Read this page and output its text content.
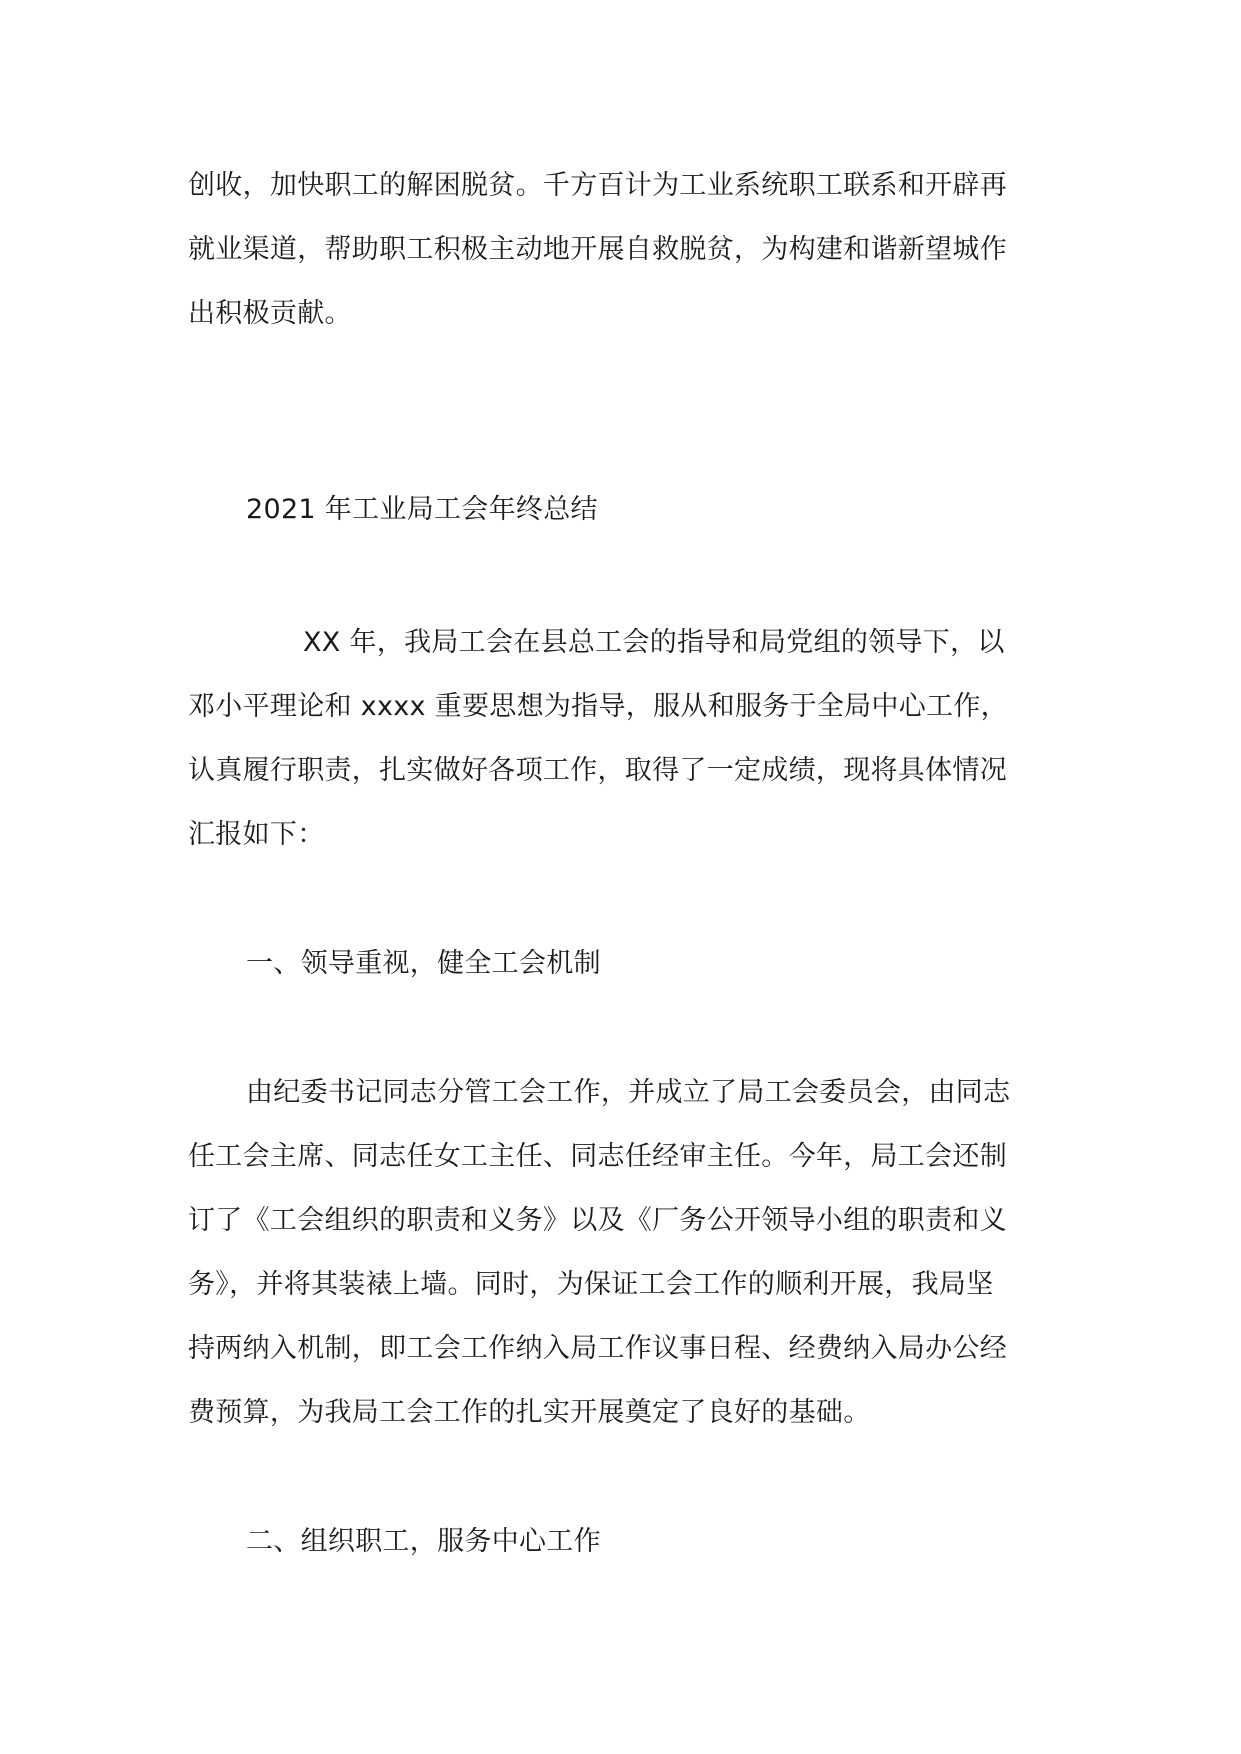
创收，加快职工的解困脱贫。千方百计为工业系统职工联系和开辟再
就业渠道，帮助职工积极主动地开展自救脱贫，为构建和谐新望城作
出积极贡献。
2021 年工业局工会年终总结
XX 年，我局工会在县总工会的指导和局党组的领导下，以
邓小平理论和 xxxx 重要思想为指导，服从和服务于全局中心工作，
认真履行职责，扎实做好各项工作，取得了一定成绩，现将具体情况
汇报如下：
一、领导重视，健全工会机制
由纪委书记同志分管工会工作，并成立了局工会委员会，由同志
任工会主席、同志任女工主任、同志任经审主任。今年，局工会还制
订了《工会组织的职责和义务》以及《厂务公开领导小组的职责和义
务》，并将其装裱上墙。同时，为保证工会工作的顺利开展，我局坚
持两纳入机制，即工会工作纳入局工作议事日程、经费纳入局办公经
费预算，为我局工会工作的扎实开展奠定了良好的基础。
二、组织职工，服务中心工作
